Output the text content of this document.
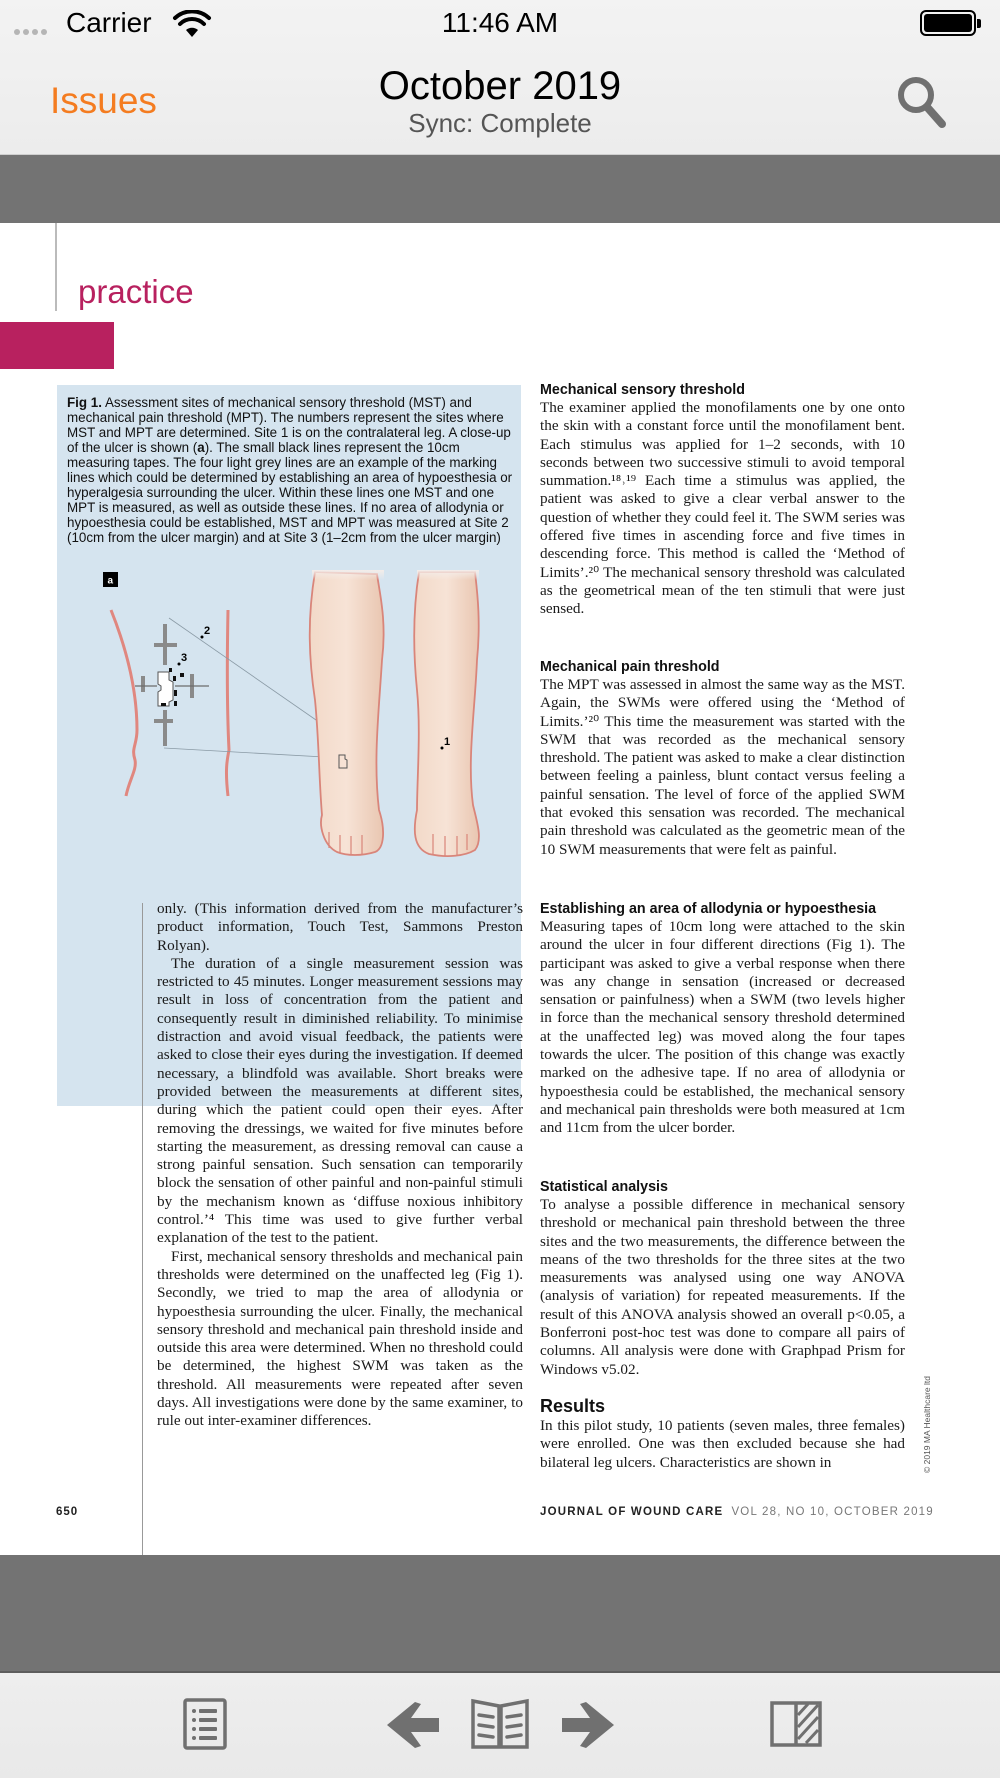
Carrier	11:46 AM
Issues	October 2019
Sync: Complete
practice
Fig 1. Assessment sites of mechanical sensory threshold (MST) and mechanical pain threshold (MPT). The numbers represent the sites where MST and MPT are determined. Site 1 is on the contralateral leg. A close-up of the ulcer is shown (a). The small black lines represent the 10cm measuring tapes. The four light grey lines are an example of the marking lines which could be determined by establishing an area of hypoesthesia or hyperalgesia surrounding the ulcer. Within these lines one MST and one MPT is measured, as well as outside these lines. If no area of allodynia or hypoesthesia could be established, MST and MPT was measured at Site 2 (10cm from the ulcer margin) and at Site 3 (1–2cm from the ulcer margin)
a
2
3
1
Mechanical sensory threshold

The examiner applied the monofilaments one by one onto the skin with a constant force until the monofilament bent. Each stimulus was applied for 1–2 seconds, with 10 seconds between two successive stimuli to avoid temporal summation.¹⁸˒¹⁹ Each time a stimulus was applied, the patient was asked to give a clear verbal answer to the question of whether they could feel it. The SWM series was offered five times in ascending force and five times in descending force. This method is called the ‘Method of Limits’.²⁰ The mechanical sensory threshold was calculated as the geometrical mean of the ten stimuli that were just sensed.

Mechanical pain threshold

The MPT was assessed in almost the same way as the MST. Again, the SWMs were offered using the ‘Method of Limits.’²⁰ This time the measurement was started with the SWM that was recorded as the mechanical sensory threshold. The patient was asked to make a clear distinction between feeling a painless, blunt contact versus feeling a painful sensation. The level of force of the applied SWM that evoked this sensation was recorded. The mechanical pain threshold was calculated as the geometric mean of the 10 SWM measurements that were felt as painful.

Establishing an area of allodynia or hypoesthesia

Measuring tapes of 10cm long were attached to the skin around the ulcer in four different directions (Fig 1). The participant was asked to give a verbal response when there was any change in sensation (increased or decreased sensation or painfulness) when a SWM (two levels higher in force than the mechanical sensory threshold determined at the unaffected leg) was moved along the four tapes towards the ulcer. The position of this change was exactly marked on the adhesive tape. If no area of allodynia or hypoesthesia could be established, the mechanical sensory and mechanical pain thresholds were both measured at 1cm and 11cm from the ulcer border.

Statistical analysis

To analyse a possible difference in mechanical sensory threshold or mechanical pain threshold between the three sites and the two measurements, the difference between the means of the two thresholds for the three sites at the two measurements was analysed using one way ANOVA (analysis of variation) for repeated measurements. If the result of this ANOVA analysis showed an overall p<0.05, a Bonferroni post-hoc test was done to compare all pairs of columns. All analysis were done with Graphpad Prism for Windows v5.02.

Results

In this pilot study, 10 patients (seven males, three females) were enrolled. One was then excluded because she had bilateral leg ulcers. Characteristics are shown in

only. (This information derived from the manufacturer’s product information, Touch Test, Sammons Preston Rolyan).

The duration of a single measurement session was restricted to 45 minutes. Longer measurement sessions may result in loss of concentration from the patient and consequently result in diminished reliability. To minimise distraction and avoid visual feedback, the patients were asked to close their eyes during the investigation. If deemed necessary, a blindfold was available. Short breaks were provided between the measurements at different sites, during which the patient could open their eyes. After removing the dressings, we waited for five minutes before starting the measurement, as dressing removal can cause a strong painful sensation. Such sensation can temporarily block the sensation of other painful and non-painful stimuli by the mechanism known as ‘diffuse noxious inhibitory control.’⁴ This time was used to give further verbal explanation of the test to the patient.

First, mechanical sensory thresholds and mechanical pain thresholds were determined on the unaffected leg (Fig 1). Secondly, we tried to map the area of allodynia or hypoesthesia surrounding the ulcer. Finally, the mechanical sensory threshold and mechanical pain threshold inside and outside this area were determined. When no threshold could be determined, the highest SWM was taken as the threshold. All measurements were repeated after seven days. All investigations were done by the same examiner, to rule out inter-examiner differences.	© 2019 MA Healthcare ltd
650	JOURNAL OF WOUND CARE VOL 28, NO 10, OCTOBER 2019
